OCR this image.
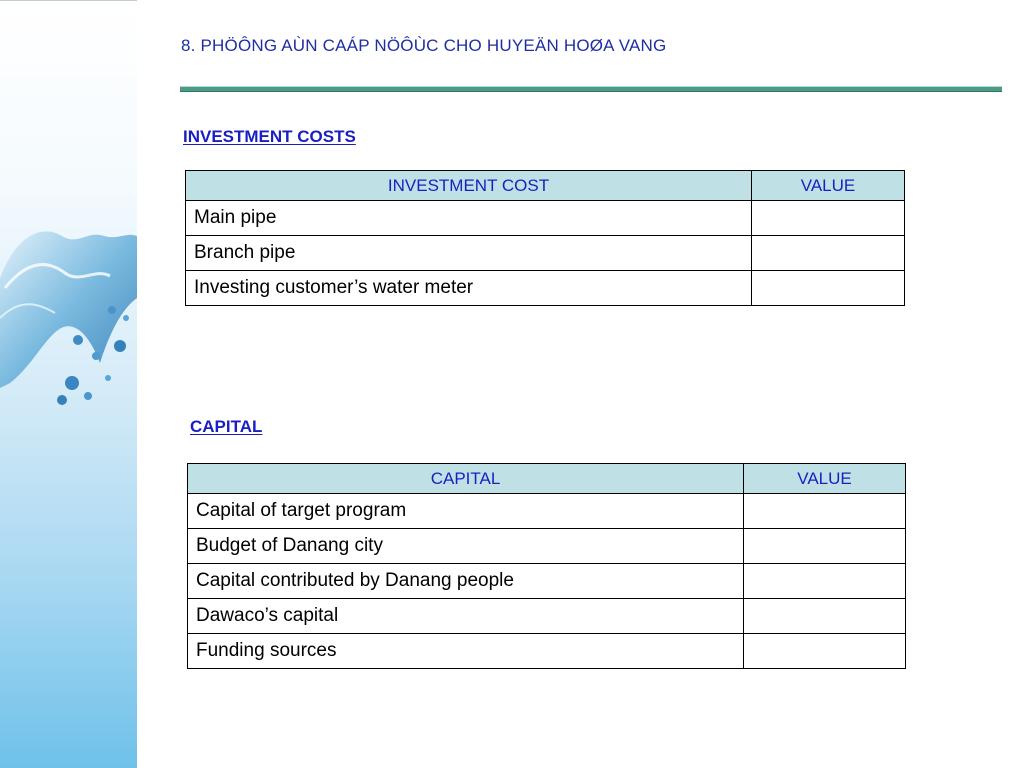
8. PHÖÔNG AÙN CAÁP NÖÔÙC CHO HUYEÄN HOØA VANG
INVESTMENT COSTS
INVESTMENT COST	VALUE
Main pipe	
Branch pipe	
Investing customer’s water meter	
CAPITAL
CAPITAL	VALUE
Capital of target program	
Budget of Danang city	
Capital contributed by Danang people	
Dawaco’s capital	
Funding sources	
